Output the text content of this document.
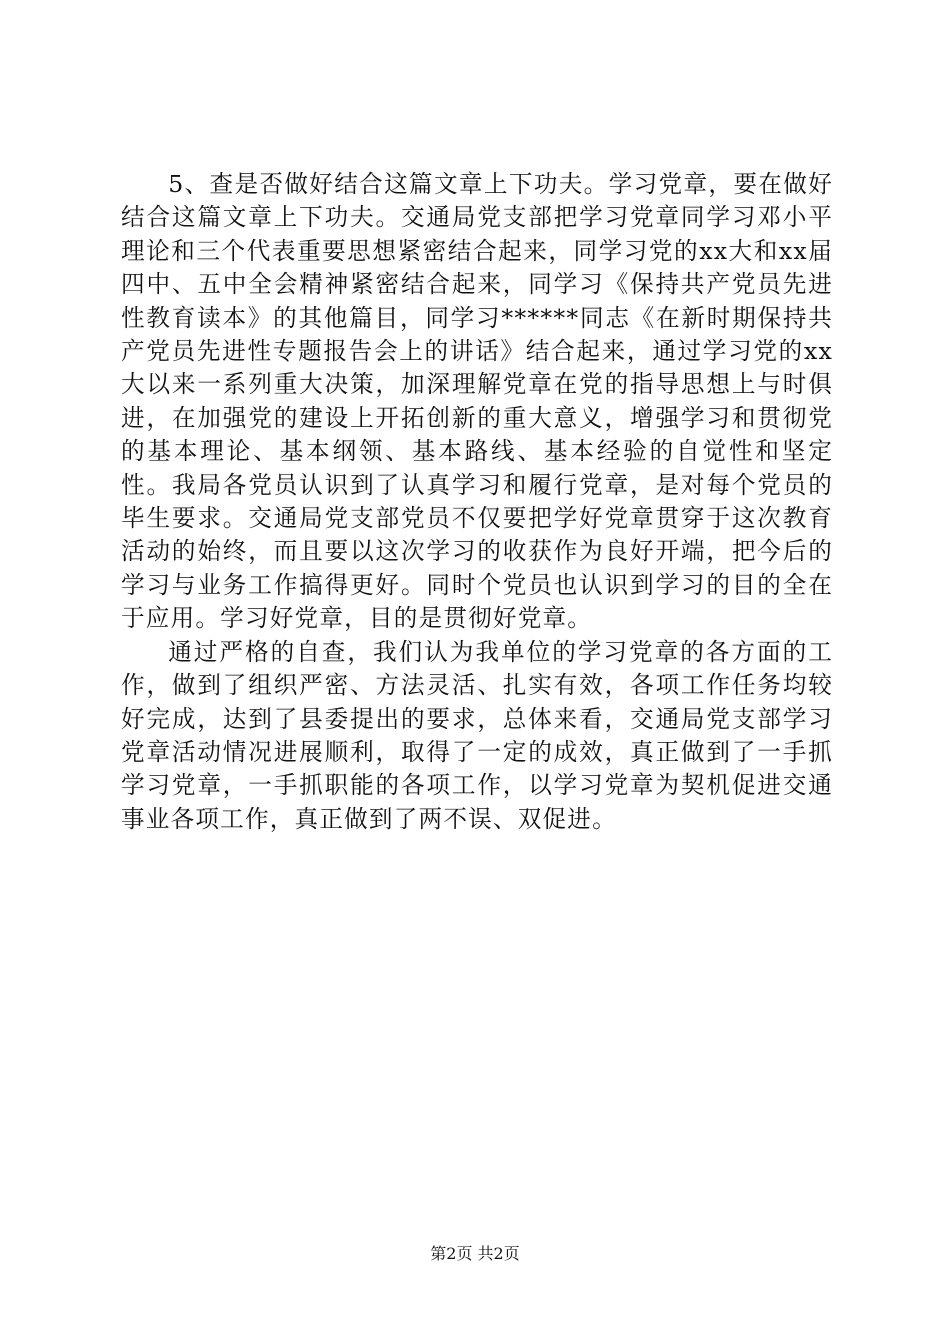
5、查是否做好结合这篇文章上下功夫。学习党章，要在做好结合这篇文章上下功夫。交通局党支部把学习党章同学习邓小平理论和三个代表重要思想紧密结合起来，同学习党的xx大和xx届四中、五中全会精神紧密结合起来，同学习《保持共产党员先进性教育读本》的其他篇目，同学习******同志《在新时期保持共产党员先进性专题报告会上的讲话》结合起来，通过学习党的xx大以来一系列重大决策，加深理解党章在党的指导思想上与时俱进，在加强党的建设上开拓创新的重大意义，增强学习和贯彻党的基本理论、基本纲领、基本路线、基本经验的自觉性和坚定性。我局各党员认识到了认真学习和履行党章，是对每个党员的毕生要求。交通局党支部党员不仅要把学好党章贯穿于这次教育活动的始终，而且要以这次学习的收获作为良好开端，把今后的学习与业务工作搞得更好。同时个党员也认识到学习的目的全在于应用。学习好党章，目的是贯彻好党章。

通过严格的自查，我们认为我单位的学习党章的各方面的工作，做到了组织严密、方法灵活、扎实有效，各项工作任务均较好完成，达到了县委提出的要求，总体来看，交通局党支部学习党章活动情况进展顺利，取得了一定的成效，真正做到了一手抓学习党章，一手抓职能的各项工作，以学习党章为契机促进交通事业各项工作，真正做到了两不误、双促进。

第2页 共2页
